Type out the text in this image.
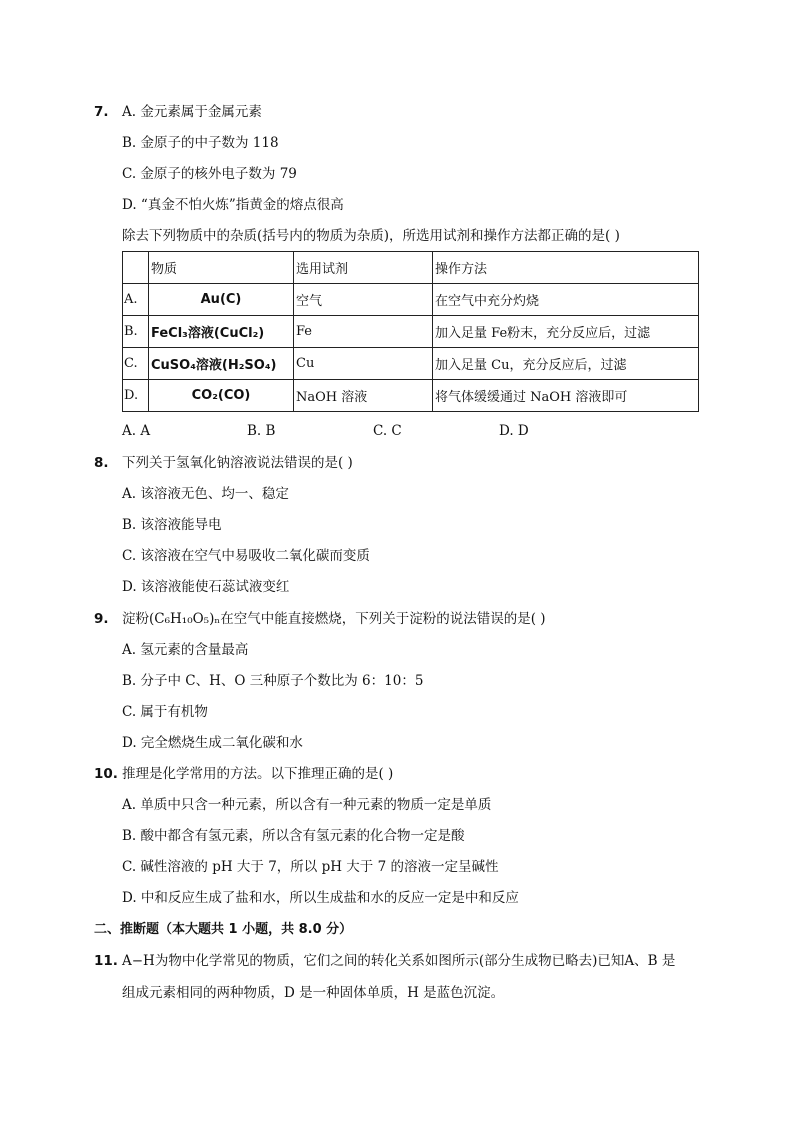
7. A. 金元素属于金属元素
B. 金原子的中子数为 118
C. 金原子的核外电子数为 79
D. “真金不怕火炼”指黄金的熔点很高
除去下列物质中的杂质(括号内的物质为杂质)，所选用试剂和操作方法都正确的是( )
	物质	选用试剂	操作方法
A.	Au(C)	空气	在空气中充分灼烧
B.	FeCl₃溶液(CuCl₂)	Fe	加入足量 Fe粉末，充分反应后，过滤
C.	CuSO₄溶液(H₂SO₄)	Cu	加入足量 Cu，充分反应后，过滤
D.	CO₂(CO)	NaOH 溶液	将气体缓缓通过 NaOH 溶液即可
A. A	B. B	C. C	D. D
8. 下列关于氢氧化钠溶液说法错误的是( )
A. 该溶液无色、均一、稳定
B. 该溶液能导电
C. 该溶液在空气中易吸收二氧化碳而变质
D. 该溶液能使石蕊试液变红
9. 淀粉(C₆H₁₀O₅)ₙ在空气中能直接燃烧，下列关于淀粉的说法错误的是( )
A. 氢元素的含量最高
B. 分子中 C、H、O 三种原子个数比为 6：10：5
C. 属于有机物
D. 完全燃烧生成二氧化碳和水
10. 推理是化学常用的方法。以下推理正确的是( )
A. 单质中只含一种元素，所以含有一种元素的物质一定是单质
B. 酸中都含有氢元素，所以含有氢元素的化合物一定是酸
C. 碱性溶液的 pH 大于 7，所以 pH 大于 7 的溶液一定呈碱性
D. 中和反应生成了盐和水，所以生成盐和水的反应一定是中和反应
二、推断题（本大题共 1 小题，共 8.0 分）
11. A−H为物中化学常见的物质，它们之间的转化关系如图所示(部分生成物已略去)已知A、B 是
组成元素相同的两种物质，D 是一种固体单质，H 是蓝色沉淀。
